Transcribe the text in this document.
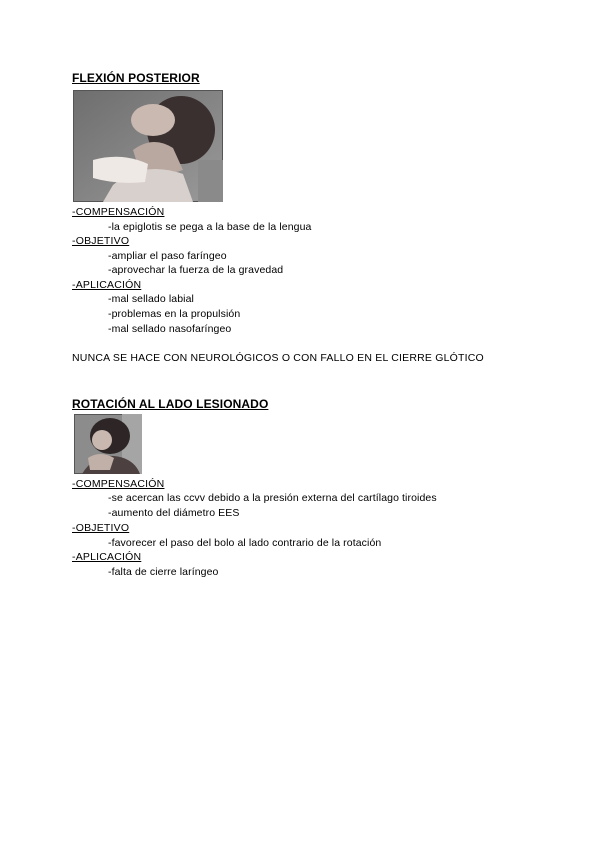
FLEXIÓN POSTERIOR
-COMPENSACIÓN
-la epiglotis se pega a la base de la lengua
-OBJETIVO
-ampliar el paso faríngeo
-aprovechar la fuerza de la gravedad
-APLICACIÓN
-mal sellado labial
-problemas en la propulsión
-mal sellado nasofaríngeo
NUNCA SE HACE CON NEUROLÓGICOS O CON FALLO EN EL CIERRE GLÓTICO
ROTACIÓN AL LADO LESIONADO
-COMPENSACIÓN
-se acercan las ccvv debido a la presión externa del cartílago tiroides
-aumento del diámetro EES
-OBJETIVO
-favorecer el paso del bolo al lado contrario de la rotación
-APLICACIÓN
-falta de cierre laríngeo
